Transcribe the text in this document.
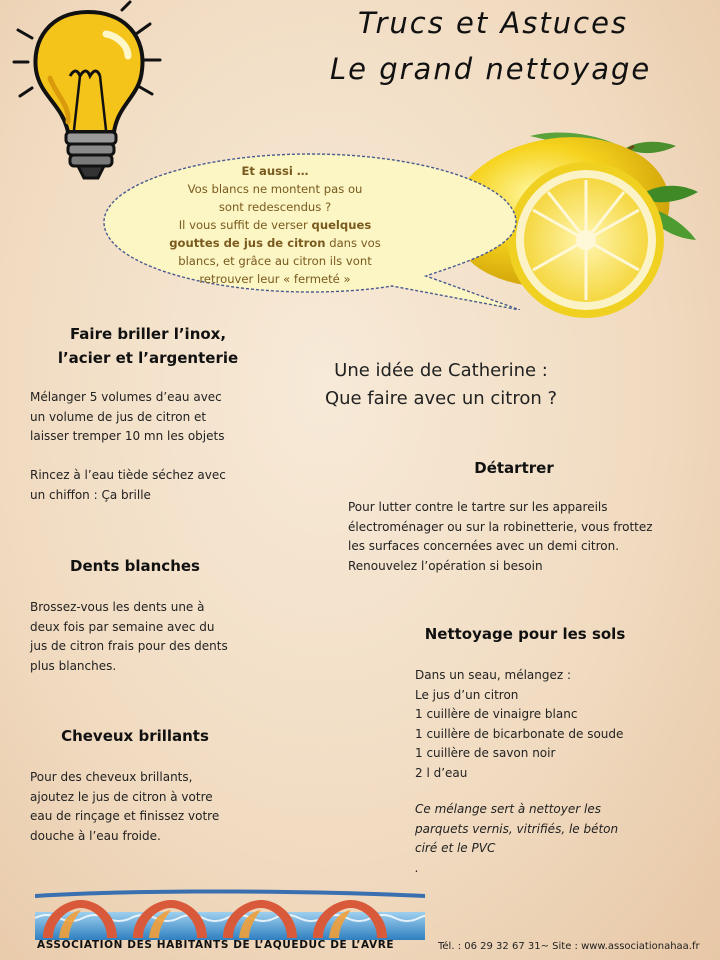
Trucs et Astuces
Le grand nettoyage
Et aussi …
Vos blancs ne montent pas ou
sont redescendus ?
Il vous suffit de verser quelques
gouttes de jus de citron dans vos
blancs, et grâce au citron ils vont
retrouver leur « fermeté »
Faire briller l’inox,
l’acier et l’argenterie
Mélanger 5 volumes d’eau avec
un volume de jus de citron et
laisser tremper 10 mn les objets
Rincez à l’eau tiède séchez avec
un chiffon : Ça brille
Une idée de Catherine :
Que faire avec un citron ?
Dents blanches
Brossez-vous les dents une à
deux fois par semaine avec du
jus de citron frais pour des dents
plus blanches.
Cheveux brillants
Pour des cheveux brillants,
ajoutez le jus de citron à votre
eau de rinçage et finissez votre
douche à l’eau froide.
Détartrer
Pour lutter contre le tartre sur les appareils
électroménager ou sur la robinetterie, vous frottez
les surfaces concernées avec un demi citron.
Renouvelez l’opération si besoin
Nettoyage pour les sols
Dans un seau, mélangez :
Le jus d’un citron
1 cuillère de vinaigre blanc
1 cuillère de bicarbonate de soude
1 cuillère de savon noir
2 l d’eau
Ce mélange sert à nettoyer les
parquets vernis, vitrifiés, le béton
ciré et le PVC
.
ASSOCIATION DES HABITANTS DE L’AQUEDUC DE L’AVRE	Tél. : 06 29 32 67 31~ Site : www.associationahaa.fr
